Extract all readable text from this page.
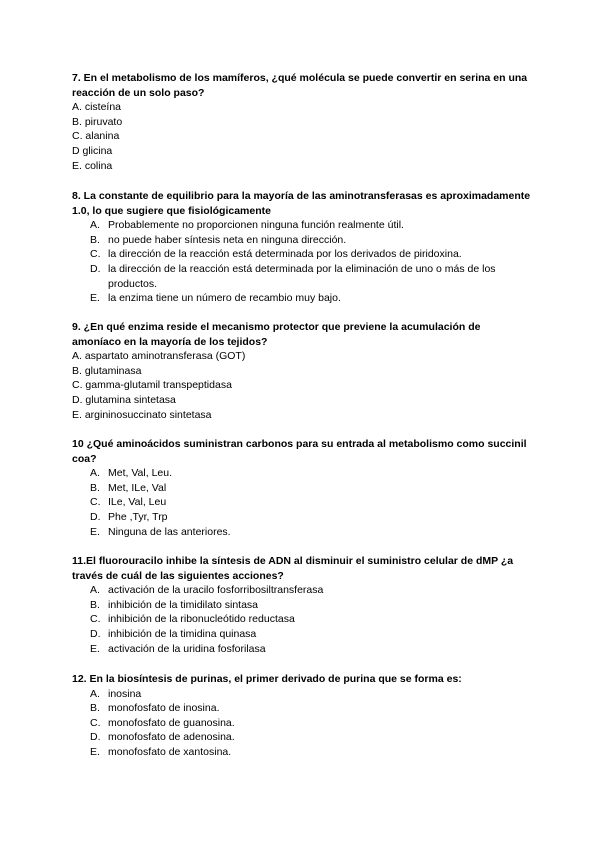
7. En el metabolismo de los mamíferos, ¿qué molécula se puede convertir en serina en una reacción de un solo paso?

A. cisteína

B. piruvato

C. alanina

D glicina

E. colina

8. La constante de equilibrio para la mayoría de las aminotransferasas es aproximadamente 1.0, lo que sugiere que fisiológicamente

A. Probablemente no proporcionen ninguna función realmente útil.
B. no puede haber síntesis neta en ninguna dirección.
C. la dirección de la reacción está determinada por los derivados de piridoxina.
D. la dirección de la reacción está determinada por la eliminación de uno o más de los productos.
E. la enzima tiene un número de recambio muy bajo.

9. ¿En qué enzima reside el mecanismo protector que previene la acumulación de amoníaco en la mayoría de los tejidos?

A. aspartato aminotransferasa (GOT)

B. glutaminasa

C. gamma-glutamil transpeptidasa

D. glutamina sintetasa

E. argininosuccinato sintetasa

10 ¿Qué aminoácidos suministran carbonos para su entrada al metabolismo como succinil coa?

A. Met, Val, Leu.
B. Met, ILe, Val
C. ILe, Val, Leu
D. Phe ,Tyr, Trp
E. Ninguna de las anteriores.

11.El fluorouracilo inhibe la síntesis de ADN al disminuir el suministro celular de dMP ¿a través de cuál de las siguientes acciones?

A. activación de la uracilo fosforribosiltransferasa
B. inhibición de la timidilato sintasa
C. inhibición de la ribonucleótido reductasa
D. inhibición de la timidina quinasa
E. activación de la uridina fosforilasa

12. En la biosíntesis de purinas, el primer derivado de purina que se forma es:

A. inosina
B. monofosfato de inosina.
C. monofosfato de guanosina.
D. monofosfato de adenosina.
E. monofosfato de xantosina.
